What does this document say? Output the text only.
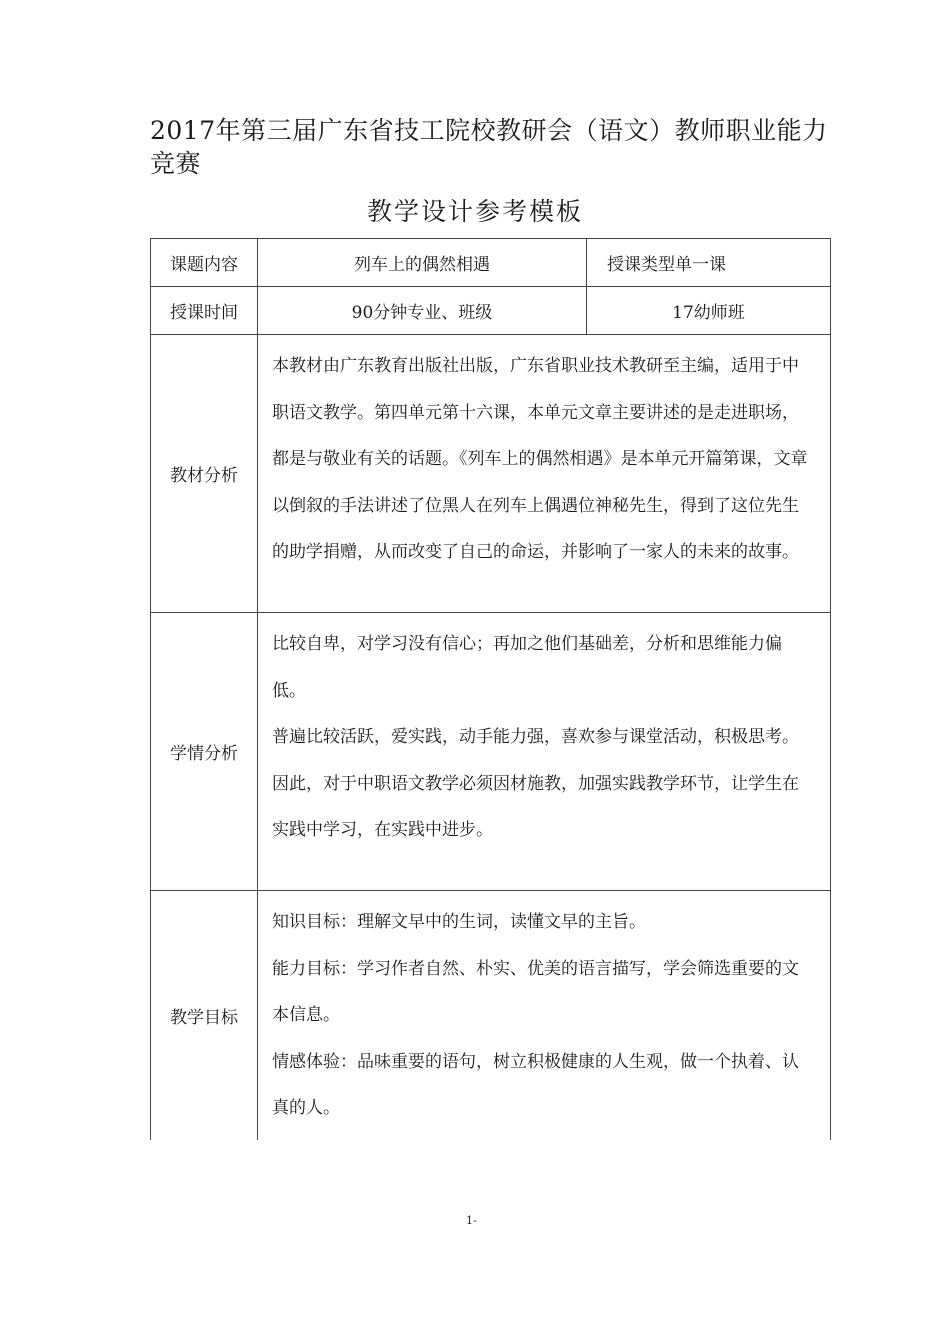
2017年第三届广东省技工院校教研会（语文）教师职业能力竞赛
教学设计参考模板
课题内容	列车上的偶然相遇	授课类型单一课
授课时间	90分钟专业、班级	17幼师班
教材分析	本教材由广东教育出版社出版，广东省职业技术教研至主编，适用于中职语文教学。第四单元第十六课，本单元文章主要讲述的是走进职场，都是与敬业有关的话题。《列车上的偶然相遇》是本单元开篇第课，文章以倒叙的手法讲述了位黑人在列车上偶遇位神秘先生，得到了这位先生的助学捐赠，从而改变了自己的命运，并影响了一家人的未来的故事。	

学情分析	比较自卑，对学习没有信心；再加之他们基础差，分析和思维能力偏低。

普遍比较活跃，爱实践，动手能力强，喜欢参与课堂活动，积极思考。

因此，对于中职语文教学必须因材施教，加强实践教学环节，让学生在实践中学习，在实践中进步。	

教学目标	知识目标：理解文早中的生词，读懂文早的主旨。

能力目标：学习作者自然、朴实、优美的语言描写，学会筛选重要的文本信息。

情感体验：品味重要的语句，树立积极健康的人生观，做一个执着、认真的人。	

1-
